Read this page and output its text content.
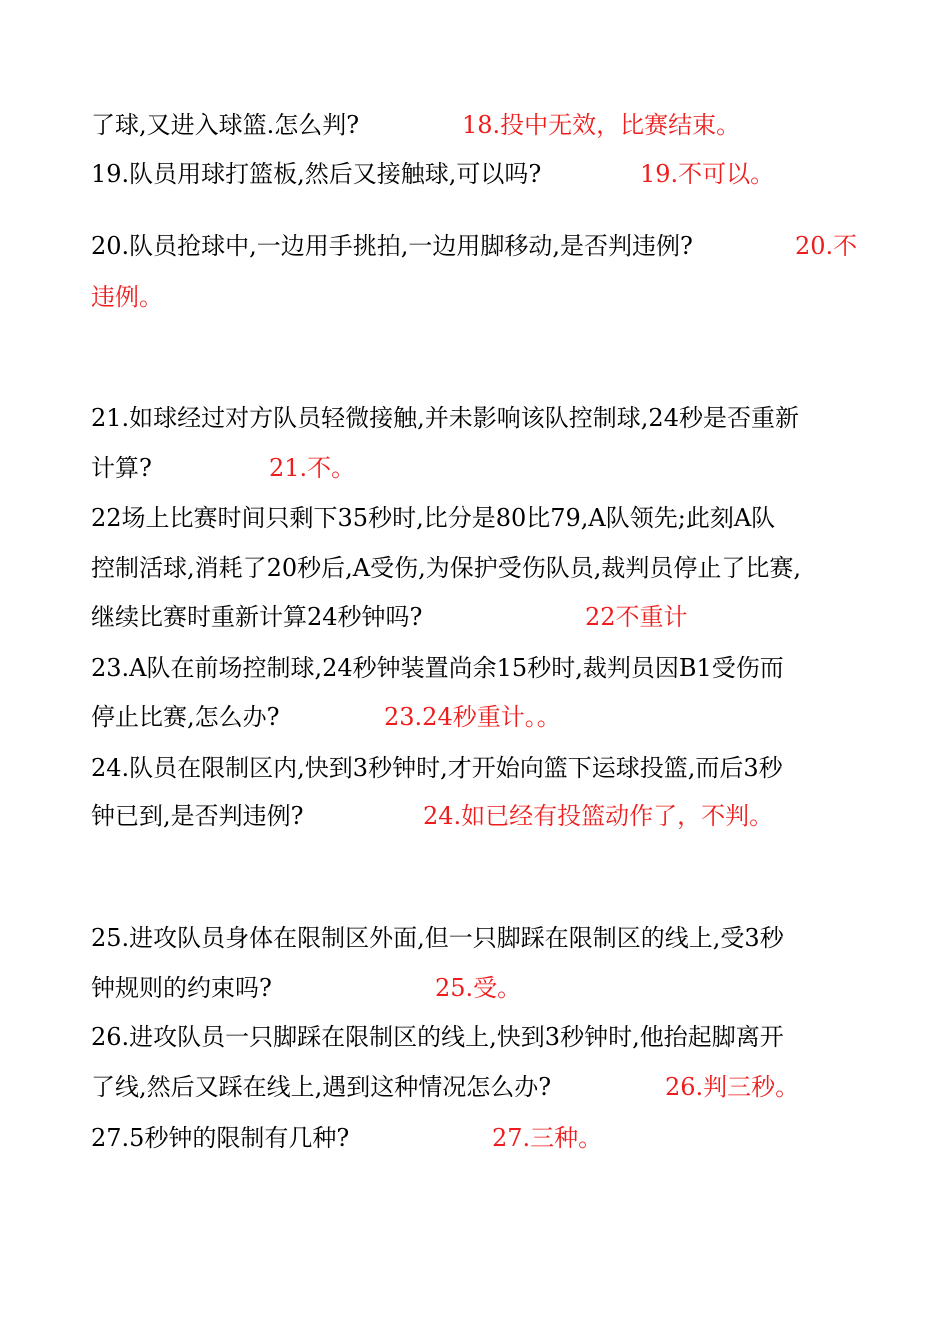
了球,又进入球篮.怎么判?	18.投中无效，比赛结束。
19.队员用球打篮板,然后又接触球,可以吗?	19.不可以。
20.队员抢球中,一边用手挑拍,一边用脚移动,是否判违例?	20.不
违例。
21.如球经过对方队员轻微接触,并未影响该队控制球,24秒是否重新
计算?	21.不。
22场上比赛时间只剩下35秒时,比分是80比79,A队领先;此刻A队
控制活球,消耗了20秒后,A受伤,为保护受伤队员,裁判员停止了比赛,
继续比赛时重新计算24秒钟吗?	22不重计
23.A队在前场控制球,24秒钟装置尚余15秒时,裁判员因B1受伤而
停止比赛,怎么办?	23.24秒重计。。
24.队员在限制区内,快到3秒钟时,才开始向篮下运球投篮,而后3秒
钟已到,是否判违例?	24.如已经有投篮动作了，不判。
25.进攻队员身体在限制区外面,但一只脚踩在限制区的线上,受3秒
钟规则的约束吗?	25.受。
26.进攻队员一只脚踩在限制区的线上,快到3秒钟时,他抬起脚离开
了线,然后又踩在线上,遇到这种情况怎么办?	26.判三秒。
27.5秒钟的限制有几种?	27.三种。
